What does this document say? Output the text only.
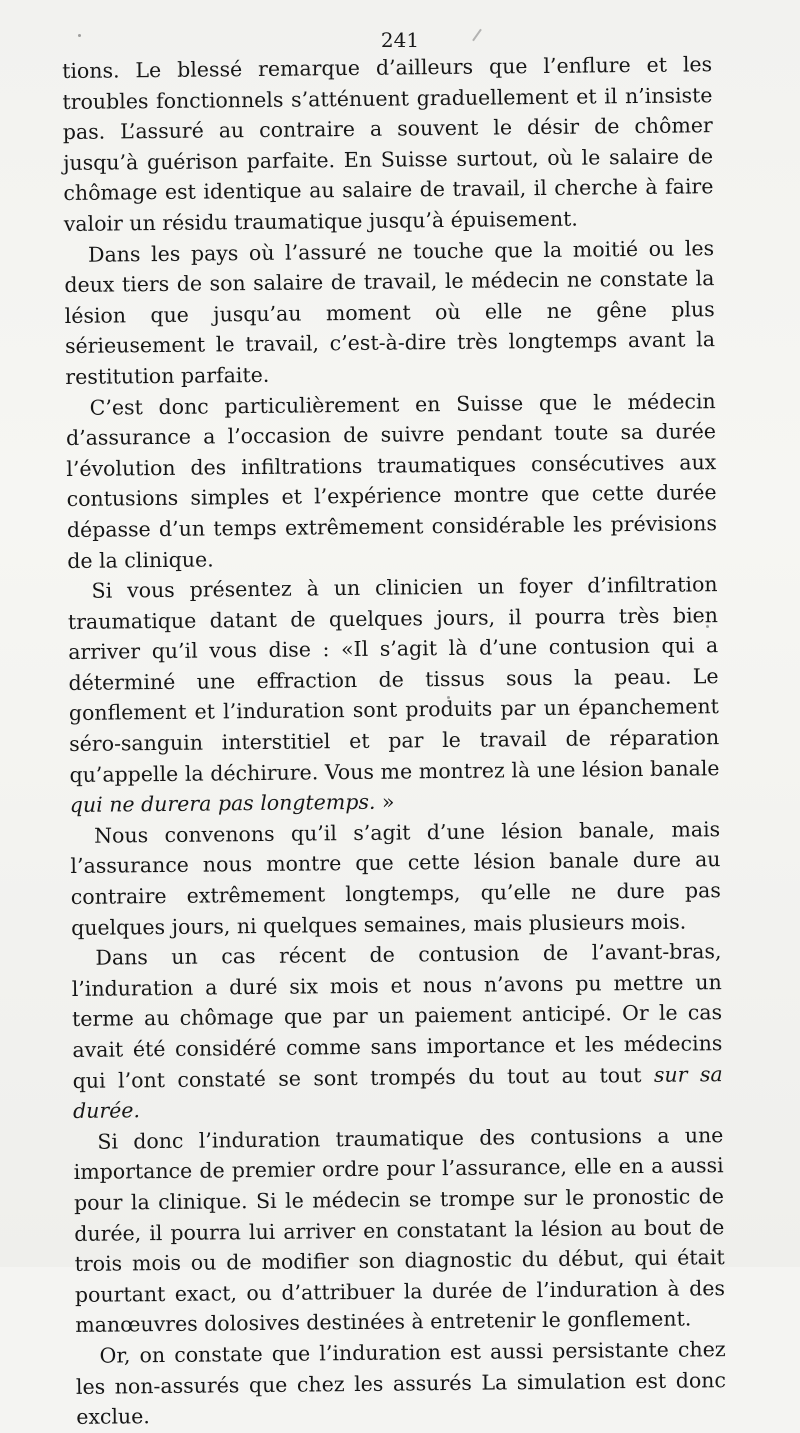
241

tions. Le blessé remarque d’ailleurs que l’enflure et les troubles fonctionnels s’atténuent graduellement et il n’insiste pas. L’assuré au contraire a souvent le désir de chômer jusqu’à guérison parfaite. En Suisse surtout, où le salaire de chômage est identique au salaire de travail, il cherche à faire valoir un résidu traumatique jusqu’à épuisement.

Dans les pays où l’assuré ne touche que la moitié ou les deux tiers de son salaire de travail, le médecin ne constate la lésion que jusqu’au moment où elle ne gêne plus sérieusement le travail, c’est-à-dire très longtemps avant la restitution parfaite.

C’est donc particulièrement en Suisse que le médecin d’assurance a l’occasion de suivre pendant toute sa durée l’évolution des infiltrations traumatiques consécutives aux contusions simples et l’expérience montre que cette durée dépasse d’un temps extrêmement considérable les prévisions de la clinique.

Si vous présentez à un clinicien un foyer d’infiltration traumatique datant de quelques jours, il pourra très bien arriver qu’il vous dise : «Il s’agit là d’une contusion qui a déterminé une effraction de tissus sous la peau. Le gonflement et l’induration sont produits par un épanchement séro-sanguin interstitiel et par le travail de réparation qu’appelle la déchirure. Vous me montrez là une lésion banale qui ne durera pas longtemps. »

Nous convenons qu’il s’agit d’une lésion banale, mais l’assurance nous montre que cette lésion banale dure au contraire extrêmement longtemps, qu’elle ne dure pas quelques jours, ni quelques semaines, mais plusieurs mois.

Dans un cas récent de contusion de l’avant-bras, l’induration a duré six mois et nous n’avons pu mettre un terme au chômage que par un paiement anticipé. Or le cas avait été considéré comme sans importance et les médecins qui l’ont constaté se sont trompés du tout au tout sur sa durée.

Si donc l’induration traumatique des contusions a une importance de premier ordre pour l’assurance, elle en a aussi pour la clinique. Si le médecin se trompe sur le pronostic de durée, il pourra lui arriver en constatant la lésion au bout de trois mois ou de modifier son diagnostic du début, qui était pourtant exact, ou d’attribuer la durée de l’induration à des manœuvres dolosives destinées à entretenir le gonflement.

Or, on constate que l’induration est aussi persistante chez les non-assurés que chez les assurés La simulation est donc exclue.
